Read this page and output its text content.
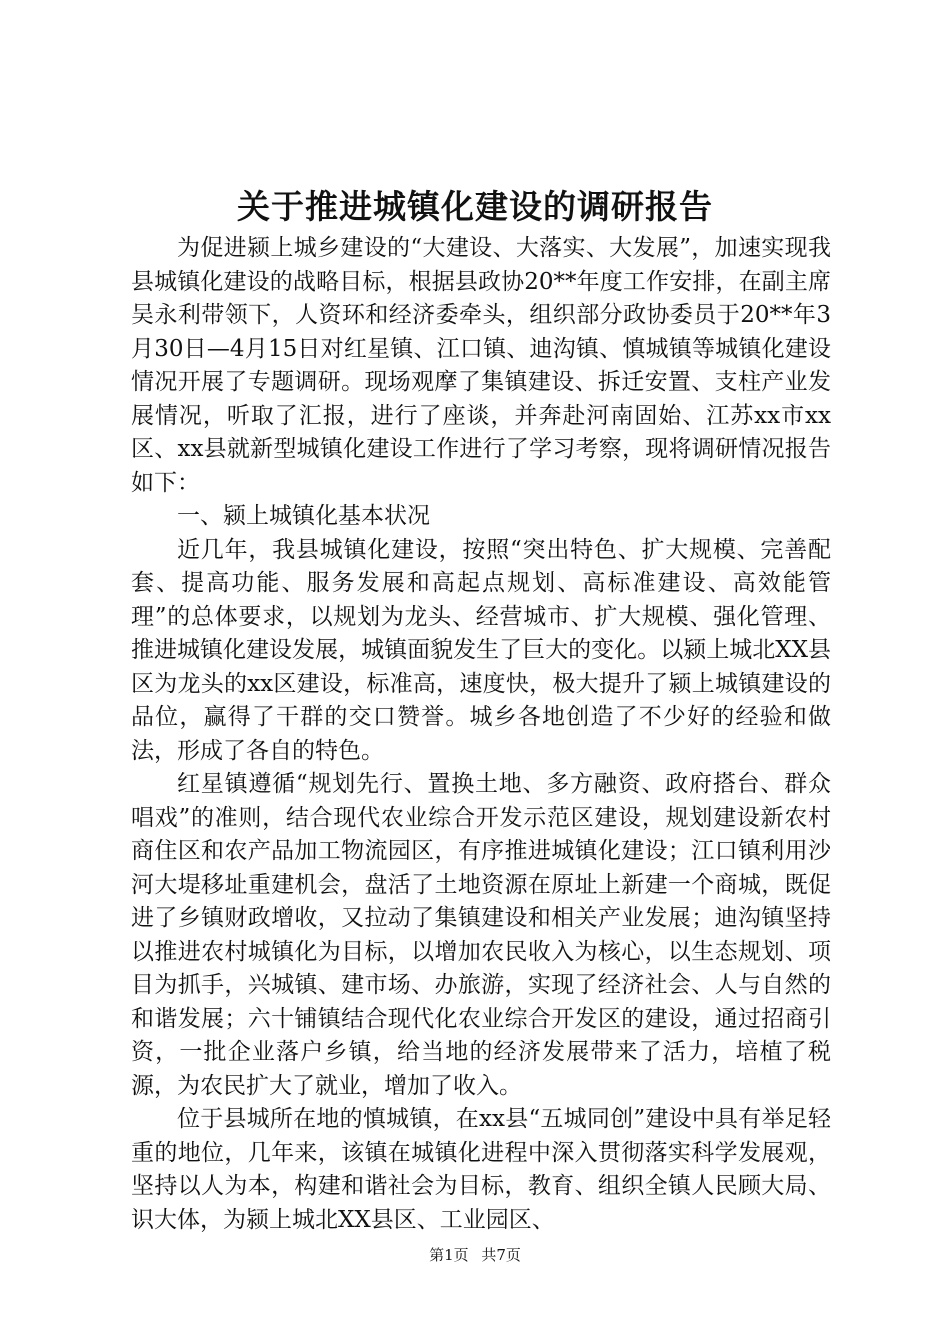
关于推进城镇化建设的调研报告

为促进颍上城乡建设的“大建设、大落实、大发展”，加速实现我县城镇化建设的战略目标，根据县政协20**年度工作安排，在副主席吴永利带领下，人资环和经济委牵头，组织部分政协委员于20**年3月30日—4月15日对红星镇、江口镇、迪沟镇、慎城镇等城镇化建设情况开展了专题调研。现场观摩了集镇建设、拆迁安置、支柱产业发展情况，听取了汇报，进行了座谈，并奔赴河南固始、江苏xx市xx区、xx县就新型城镇化建设工作进行了学习考察，现将调研情况报告如下：

一、颍上城镇化基本状况

近几年，我县城镇化建设，按照“突出特色、扩大规模、完善配套、提高功能、服务发展和高起点规划、高标准建设、高效能管理”的总体要求，以规划为龙头、经营城市、扩大规模、强化管理、推进城镇化建设发展，城镇面貌发生了巨大的变化。以颍上城北XX县区为龙头的xx区建设，标准高，速度快，极大提升了颍上城镇建设的品位，赢得了干群的交口赞誉。城乡各地创造了不少好的经验和做法，形成了各自的特色。

红星镇遵循“规划先行、置换土地、多方融资、政府搭台、群众唱戏”的准则，结合现代农业综合开发示范区建设，规划建设新农村商住区和农产品加工物流园区，有序推进城镇化建设；江口镇利用沙河大堤移址重建机会，盘活了土地资源在原址上新建一个商城，既促进了乡镇财政增收，又拉动了集镇建设和相关产业发展；迪沟镇坚持以推进农村城镇化为目标，以增加农民收入为核心，以生态规划、项目为抓手，兴城镇、建市场、办旅游，实现了经济社会、人与自然的和谐发展；六十铺镇结合现代化农业综合开发区的建设，通过招商引资，一批企业落户乡镇，给当地的经济发展带来了活力，培植了税源，为农民扩大了就业，增加了收入。

位于县城所在地的慎城镇，在xx县“五城同创”建设中具有举足轻重的地位，几年来，该镇在城镇化进程中深入贯彻落实科学发展观，坚持以人为本，构建和谐社会为目标，教育、组织全镇人民顾大局、识大体，为颍上城北XX县区、工业园区、

第1页 共7页
